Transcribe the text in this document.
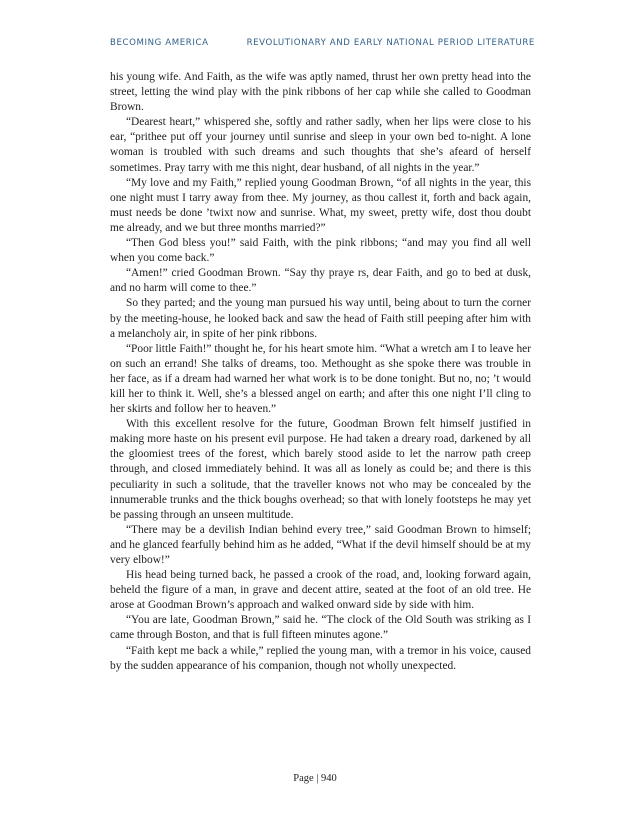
BECOMING AMERICA	REVOLUTIONARY AND EARLY NATIONAL PERIOD LITERATURE

his young wife. And Faith, as the wife was aptly named, thrust her own pretty head into the street, letting the wind play with the pink ribbons of her cap while she called to Goodman Brown.

“Dearest heart,” whispered she, softly and rather sadly, when her lips were close to his ear, “prithee put off your journey until sunrise and sleep in your own bed to-night. A lone woman is troubled with such dreams and such thoughts that she’s afeard of herself sometimes. Pray tarry with me this night, dear husband, of all nights in the year.”

“My love and my Faith,” replied young Goodman Brown, “of all nights in the year, this one night must I tarry away from thee. My journey, as thou callest it, forth and back again, must needs be done ’twixt now and sunrise. What, my sweet, pretty wife, dost thou doubt me already, and we but three months married?”

“Then God bless you!” said Faith, with the pink ribbons; “and may you find all well when you come back.”

“Amen!” cried Goodman Brown. “Say thy praye rs, dear Faith, and go to bed at dusk, and no harm will come to thee.”

So they parted; and the young man pursued his way until, being about to turn the corner by the meeting-house, he looked back and saw the head of Faith still peeping after him with a melancholy air, in spite of her pink ribbons.

“Poor little Faith!” thought he, for his heart smote him. “What a wretch am I to leave her on such an errand! She talks of dreams, too. Methought as she spoke there was trouble in her face, as if a dream had warned her what work is to be done tonight. But no, no; ’t would kill her to think it. Well, she’s a blessed angel on earth; and after this one night I’ll cling to her skirts and follow her to heaven.”

With this excellent resolve for the future, Goodman Brown felt himself justified in making more haste on his present evil purpose. He had taken a dreary road, darkened by all the gloomiest trees of the forest, which barely stood aside to let the narrow path creep through, and closed immediately behind. It was all as lonely as could be; and there is this peculiarity in such a solitude, that the traveller knows not who may be concealed by the innumerable trunks and the thick boughs overhead; so that with lonely footsteps he may yet be passing through an unseen multitude.

“There may be a devilish Indian behind every tree,” said Goodman Brown to himself; and he glanced fearfully behind him as he added, “What if the devil himself should be at my very elbow!”

His head being turned back, he passed a crook of the road, and, looking forward again, beheld the figure of a man, in grave and decent attire, seated at the foot of an old tree. He arose at Goodman Brown’s approach and walked onward side by side with him.

“You are late, Goodman Brown,” said he. “The clock of the Old South was striking as I came through Boston, and that is full fifteen minutes agone.”

“Faith kept me back a while,” replied the young man, with a tremor in his voice, caused by the sudden appearance of his companion, though not wholly unexpected.

Page | 940
